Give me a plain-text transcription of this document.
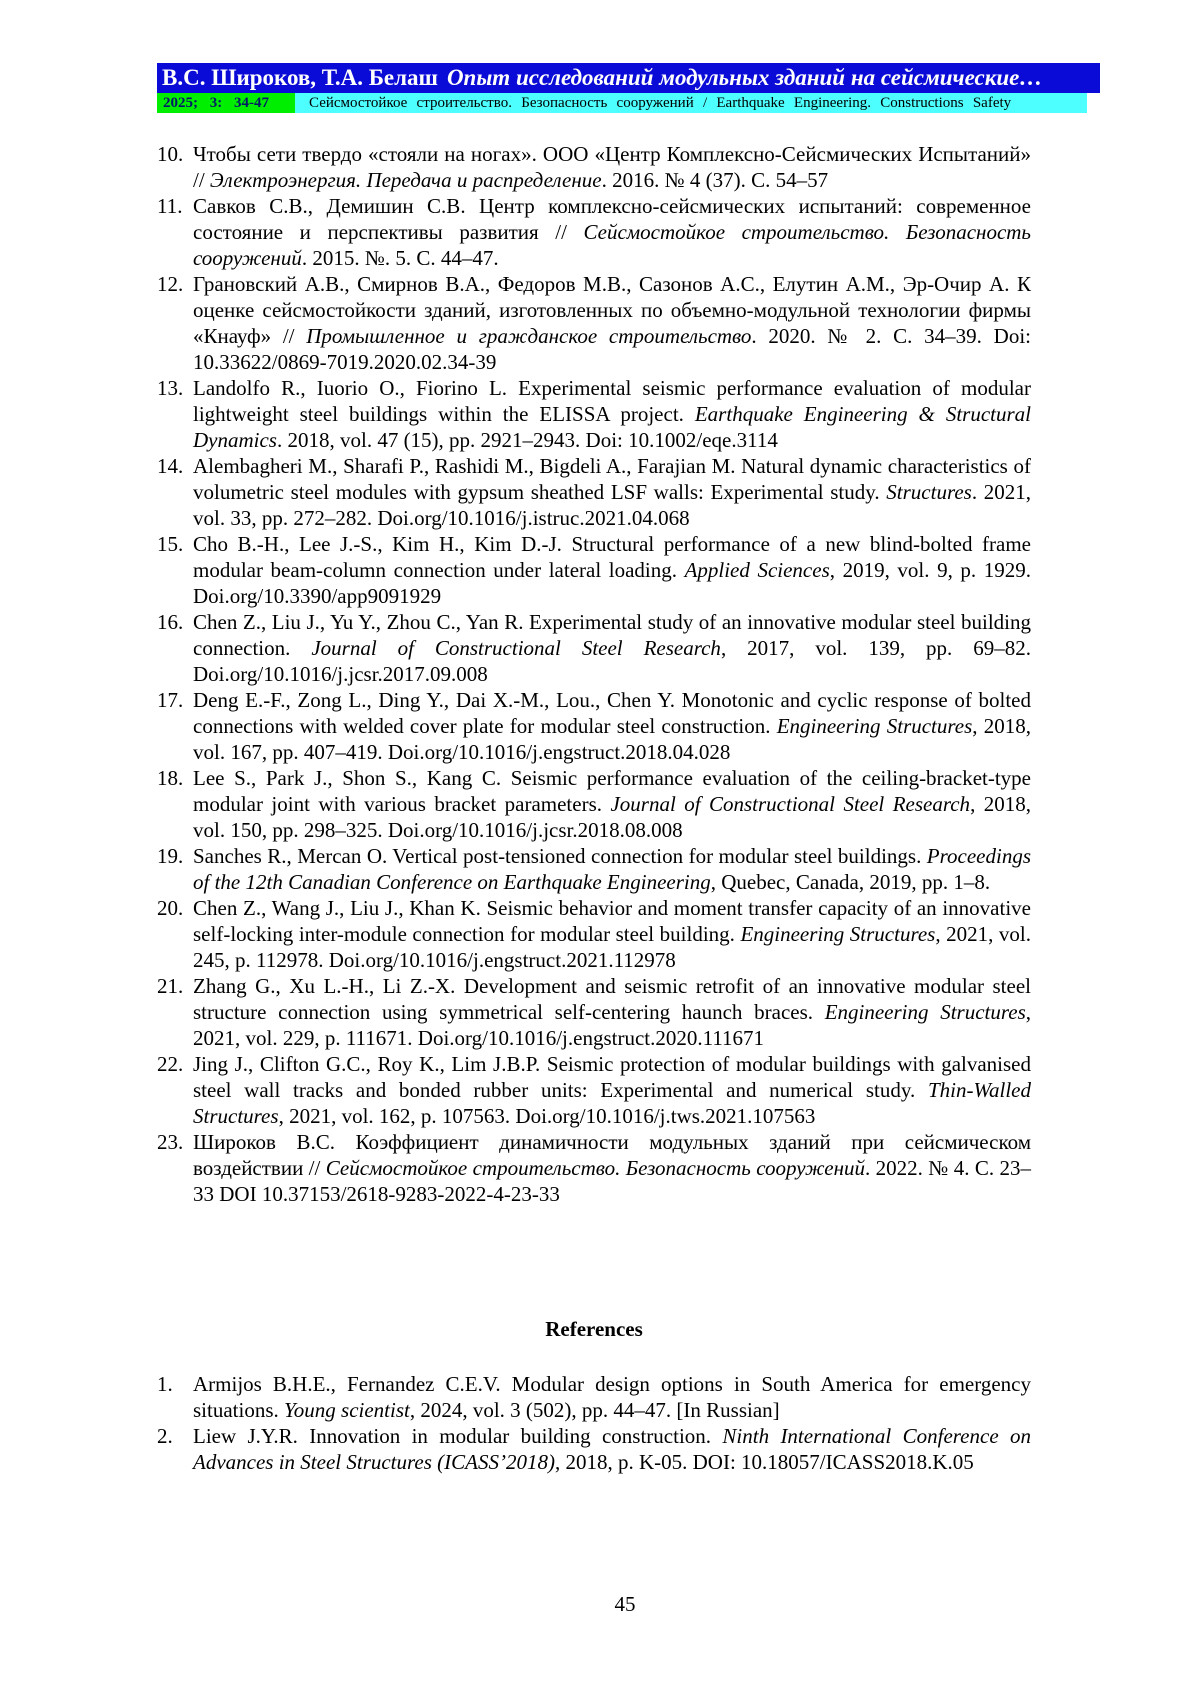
В.С. Широков, Т.А. Белаш Опыт исследований модульных зданий на сейсмические…
2025; 3: 34-47	Сейсмостойкое строительство. Безопасность сооружений / Earthquake Engineering. Constructions Safety
10. Чтобы сети твердо «стояли на ногах». ООО «Центр Комплексно-Сейсмических Испытаний» // Электроэнергия. Передача и распределение. 2016. № 4 (37). С. 54–57
11. Савков С.В., Демишин С.В. Центр комплексно-сейсмических испытаний: современное состояние и перспективы развития // Сейсмостойкое строительство. Безопасность сооружений. 2015. №. 5. С. 44–47.
12. Грановский А.В., Смирнов В.А., Федоров М.В., Сазонов А.С., Елутин А.М., Эр-Очир А. К оценке сейсмостойкости зданий, изготовленных по объемно-модульной технологии фирмы «Кнауф» // Промышленное и гражданское строительство. 2020. № 2. С. 34–39. Doi: 10.33622/0869-7019.2020.02.34-39
13. Landolfo R., Iuorio O., Fiorino L. Experimental seismic performance evaluation of modular lightweight steel buildings within the ELISSA project. Earthquake Engineering & Structural Dynamics. 2018, vol. 47 (15), pp. 2921–2943. Doi: 10.1002/eqe.3114
14. Alembagheri M., Sharafi P., Rashidi M., Bigdeli A., Farajian M. Natural dynamic characteristics of volumetric steel modules with gypsum sheathed LSF walls: Experimental study. Structures. 2021, vol. 33, pp. 272–282. Doi.org/10.1016/j.istruc.2021.04.068
15. Cho B.-H., Lee J.-S., Kim H., Kim D.-J. Structural performance of a new blind-bolted frame modular beam-column connection under lateral loading. Applied Sciences, 2019, vol. 9, p. 1929. Doi.org/10.3390/app9091929
16. Chen Z., Liu J., Yu Y., Zhou C., Yan R. Experimental study of an innovative modular steel building connection. Journal of Constructional Steel Research, 2017, vol. 139, pp. 69–82. Doi.org/10.1016/j.jcsr.2017.09.008
17. Deng E.-F., Zong L., Ding Y., Dai X.-M., Lou., Chen Y. Monotonic and cyclic response of bolted connections with welded cover plate for modular steel construction. Engineering Structures, 2018, vol. 167, pp. 407–419. Doi.org/10.1016/j.engstruct.2018.04.028
18. Lee S., Park J., Shon S., Kang C. Seismic performance evaluation of the ceiling-bracket-type modular joint with various bracket parameters. Journal of Constructional Steel Research, 2018, vol. 150, pp. 298–325. Doi.org/10.1016/j.jcsr.2018.08.008
19. Sanches R., Mercan O. Vertical post-tensioned connection for modular steel buildings. Proceedings of the 12th Canadian Conference on Earthquake Engineering, Quebec, Canada, 2019, pp. 1–8.
20. Chen Z., Wang J., Liu J., Khan K. Seismic behavior and moment transfer capacity of an innovative self-locking inter-module connection for modular steel building. Engineering Structures, 2021, vol. 245, p. 112978. Doi.org/10.1016/j.engstruct.2021.112978
21. Zhang G., Xu L.-H., Li Z.-X. Development and seismic retrofit of an innovative modular steel structure connection using symmetrical self-centering haunch braces. Engineering Structures, 2021, vol. 229, p. 111671. Doi.org/10.1016/j.engstruct.2020.111671
22. Jing J., Clifton G.C., Roy K., Lim J.B.P. Seismic protection of modular buildings with galvanised steel wall tracks and bonded rubber units: Experimental and numerical study. Thin-Walled Structures, 2021, vol. 162, p. 107563. Doi.org/10.1016/j.tws.2021.107563
23. Широков В.С. Коэффициент динамичности модульных зданий при сейсмическом воздействии // Сейсмостойкое строительство. Безопасность сооружений. 2022. № 4. С. 23–33 DOI 10.37153/2618-9283-2022-4-23-33
References
1. Armijos B.H.E., Fernandez C.E.V. Modular design options in South America for emergency situations. Young scientist, 2024, vol. 3 (502), pp. 44–47. [In Russian]
2. Liew J.Y.R. Innovation in modular building construction. Ninth International Conference on Advances in Steel Structures (ICASS’2018), 2018, p. K-05. DOI: 10.18057/ICASS2018.K.05
45
